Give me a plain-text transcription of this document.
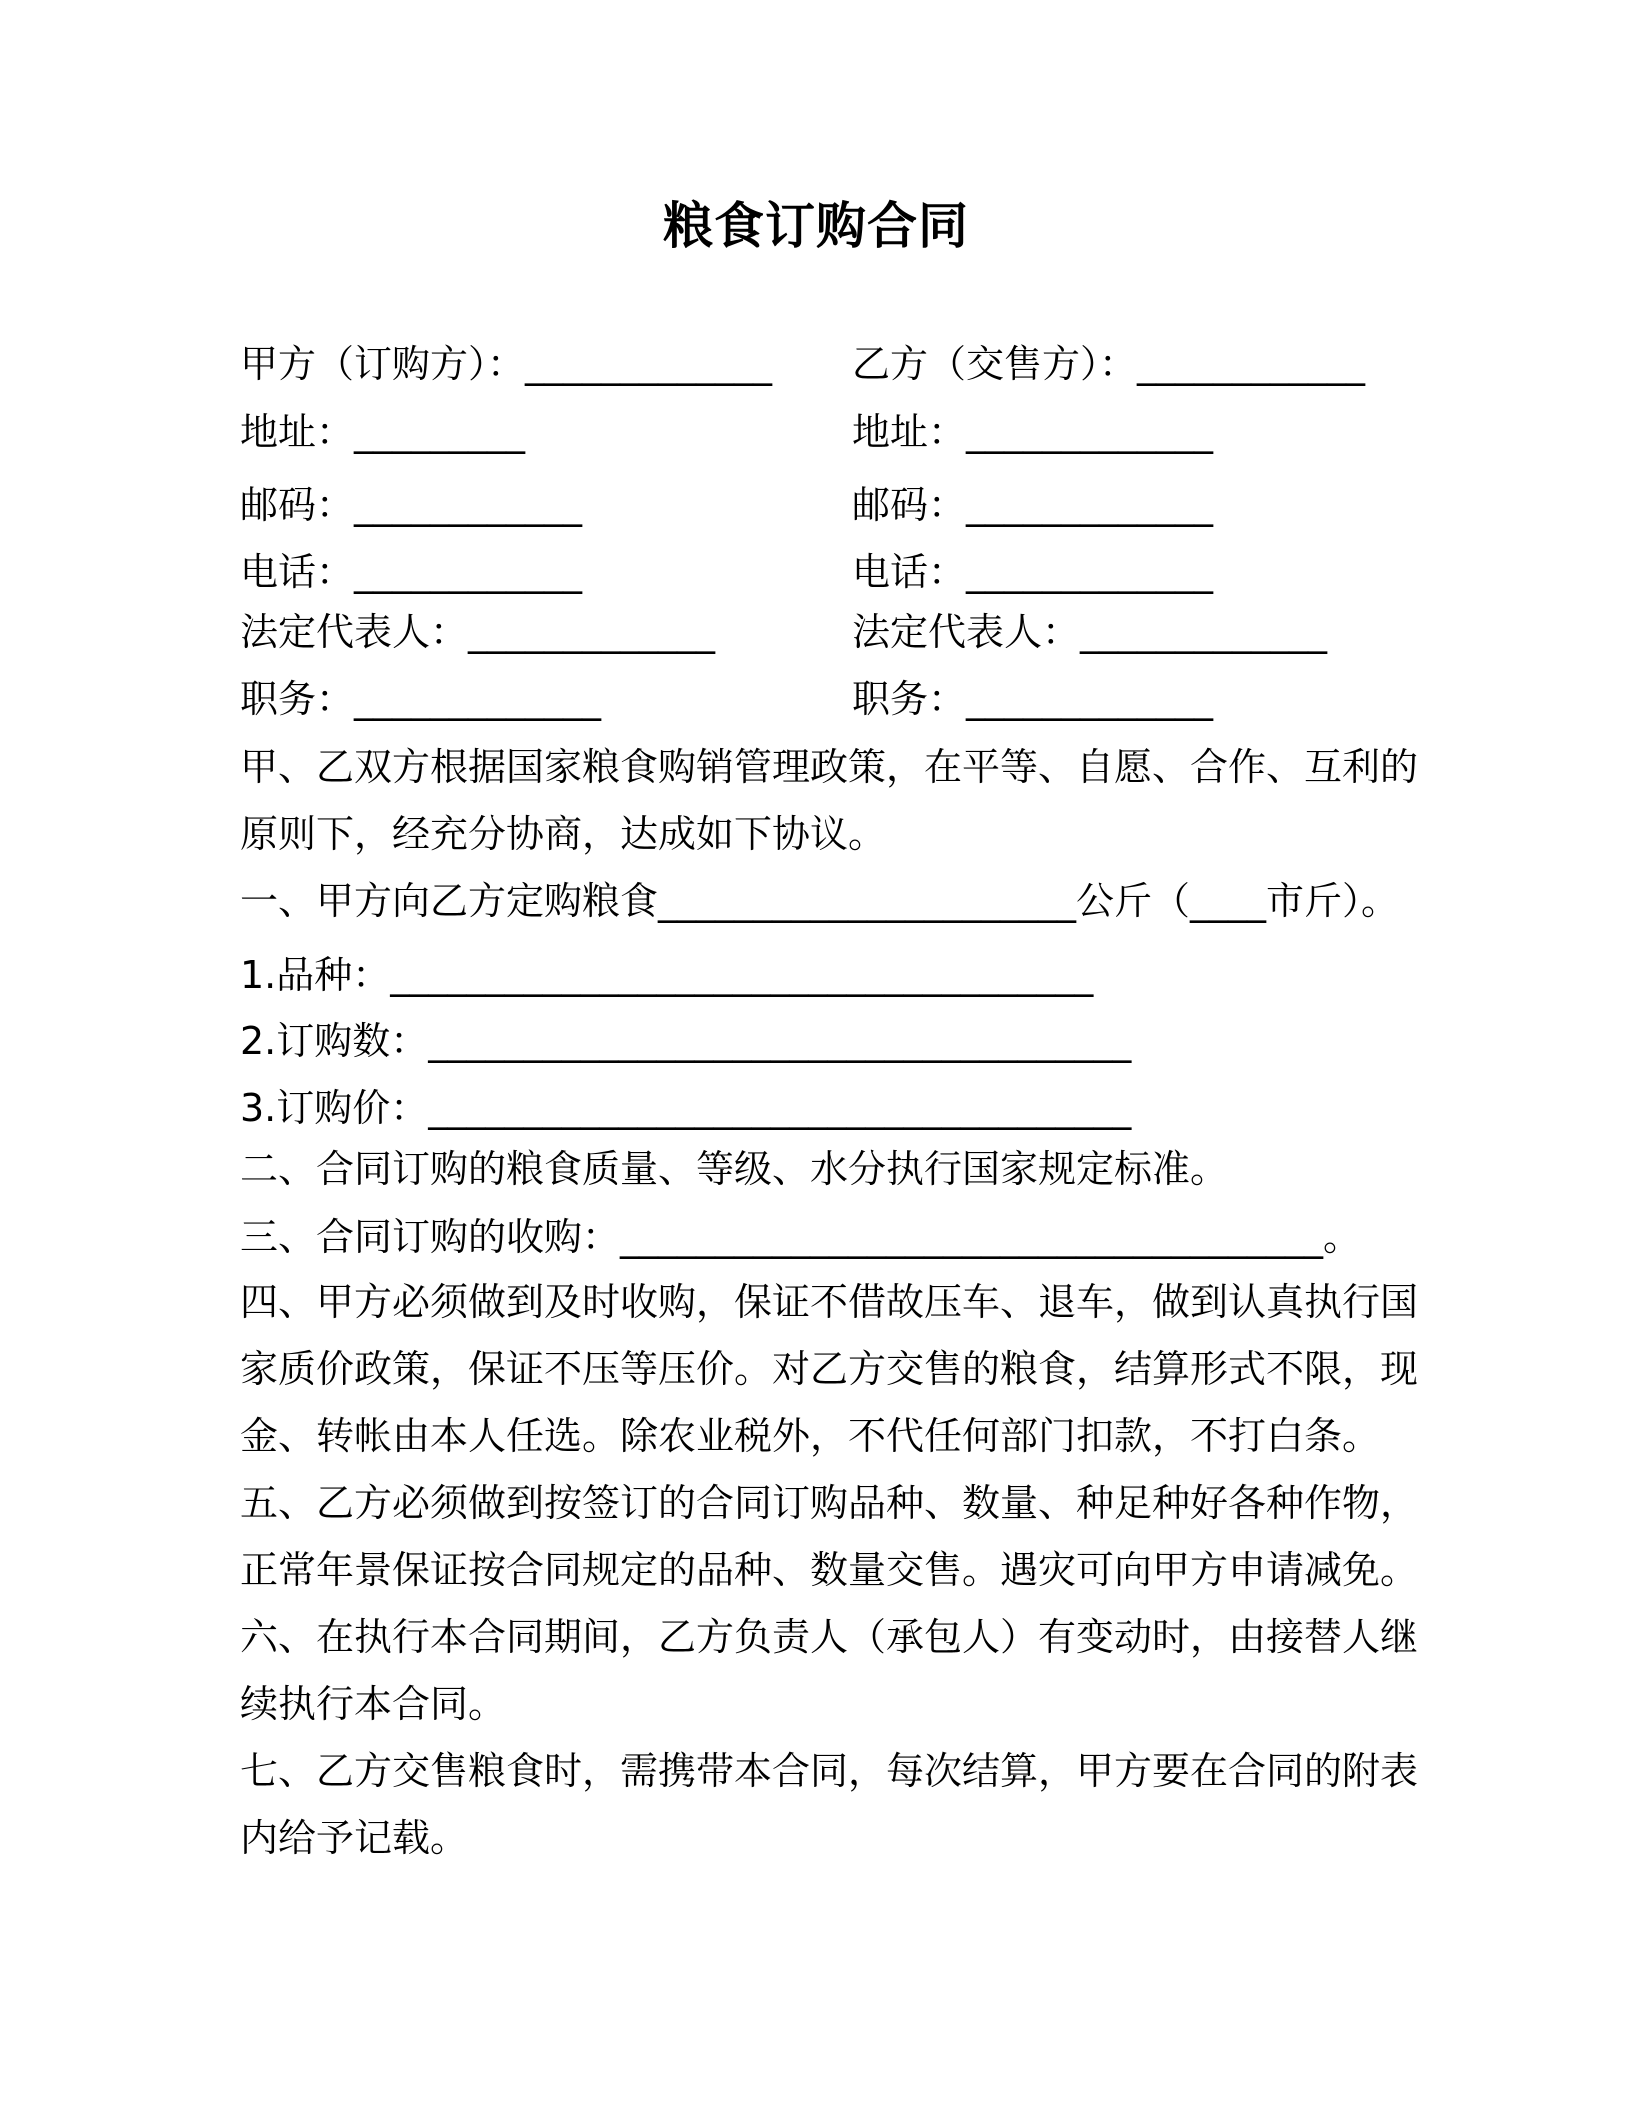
粮食订购合同
甲方（订购方）：_____________
地址：_________
邮码：____________
电话：____________
法定代表人：_____________
职务：_____________
乙方（交售方）：____________
地址：_____________
邮码：_____________
电话：_____________
法定代表人：_____________
职务：_____________
甲、乙双方根据国家粮食购销管理政策，在平等、自愿、合作、互利的
原则下，经充分协商，达成如下协议。
一、甲方向乙方定购粮食______________________公斤（____市斤）。
1.品种：_____________________________________
2.订购数：_____________________________________
3.订购价：_____________________________________
二、合同订购的粮食质量、等级、水分执行国家规定标准。
三、合同订购的收购：_____________________________________。
四、甲方必须做到及时收购，保证不借故压车、退车，做到认真执行国
家质价政策，保证不压等压价。对乙方交售的粮食，结算形式不限，现
金、转帐由本人任选。除农业税外，不代任何部门扣款，不打白条。
五、乙方必须做到按签订的合同订购品种、数量、种足种好各种作物，
正常年景保证按合同规定的品种、数量交售。遇灾可向甲方申请减免。
六、在执行本合同期间，乙方负责人（承包人）有变动时，由接替人继
续执行本合同。
七、乙方交售粮食时，需携带本合同，每次结算，甲方要在合同的附表
内给予记载。
